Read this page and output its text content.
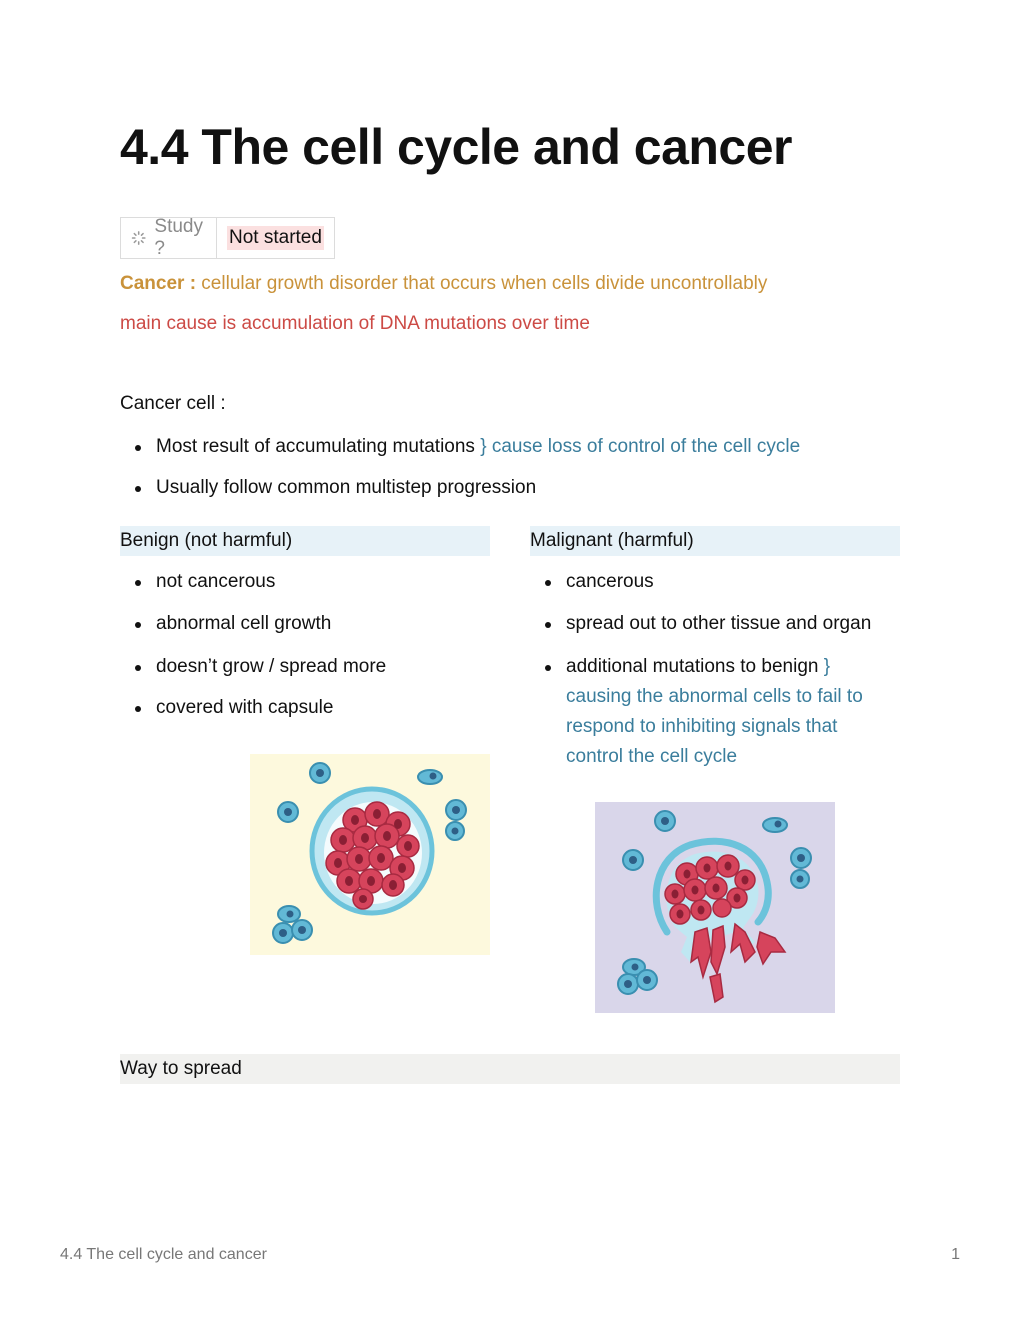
4.4 The cell cycle and cancer
Study ?
Not started
Cancer : cellular growth disorder that occurs when cells divide uncontrollably
main cause is accumulation of DNA mutations over time
Cancer cell :
Most result of accumulating mutations } cause loss of control of the cell cycle
Usually follow common multistep progression
Benign (not harmful)
not cancerous
abnormal cell growth
doesn’t grow / spread more
covered with capsule
Malignant (harmful)
cancerous
spread out to other tissue and organ
additional mutations to benign }
causing the abnormal cells to fail to
respond to inhibiting signals that
control the cell cycle
Way to spread
4.4 The cell cycle and cancer	1
